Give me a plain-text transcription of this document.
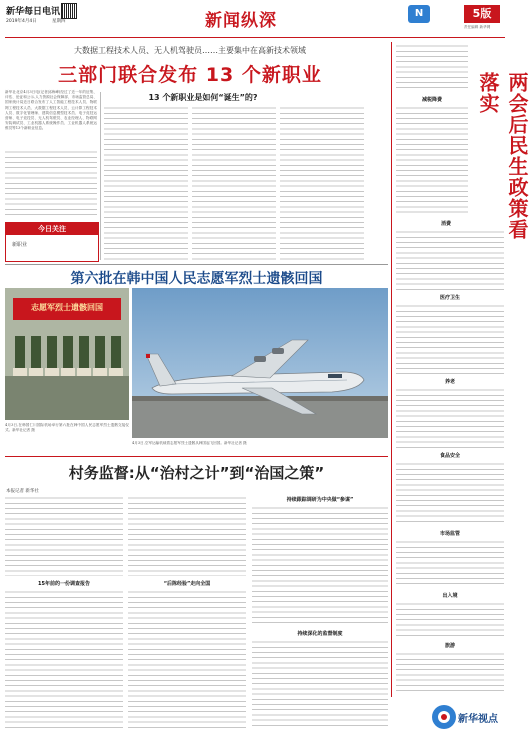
新华每日电讯
2019年4月4日	星期四	新闻纵深	5版
责任编辑 新华网
N
大数据工程技术人员、无人机驾驶员……主要集中在高新技术领域
三部门联合发布 13 个新职业

新华社北京4月3日电(记者邱海峰)经过了近一年的征集、评估、论证和公示,人力资源社会保障部、市场监管总局、国家统计局近日联合发布了人工智能工程技术人员、物联网工程技术人员、大数据工程技术人员、云计算工程技术人员、数字化管理师、建筑信息模型技术员、电子竞技运营师、电子竞技员、无人机驾驶员、农业经理人、物联网安装调试员、工业机器人系统操作员、工业机器人系统运维员等13个新职业信息。

今日关注
新职业
13 个新职业是如何“诞生”的?	两会后民生政策看落实
减税降费
消费
医疗卫生
养老
食品安全
市场监管
出入境
旅游
第六批在韩中国人民志愿军烈士遗骸回国
志愿军烈士遗骸回国
4月3日,在韩国仁川国际机场举行第六批在韩中国人民志愿军烈士遗骸交接仪式。新华社记者 摄
4月3日,空军运输机载着志愿军烈士遗骸从韩国起飞回国。新华社记者 摄
村务监督:从“治村之计”到“治国之策”
本报记者 新华社
15年前的一份调查报告	“后陈经验”走向全国
持续跟踪调研为中央做“参谋”
持续深化的监督制度
新华视点
